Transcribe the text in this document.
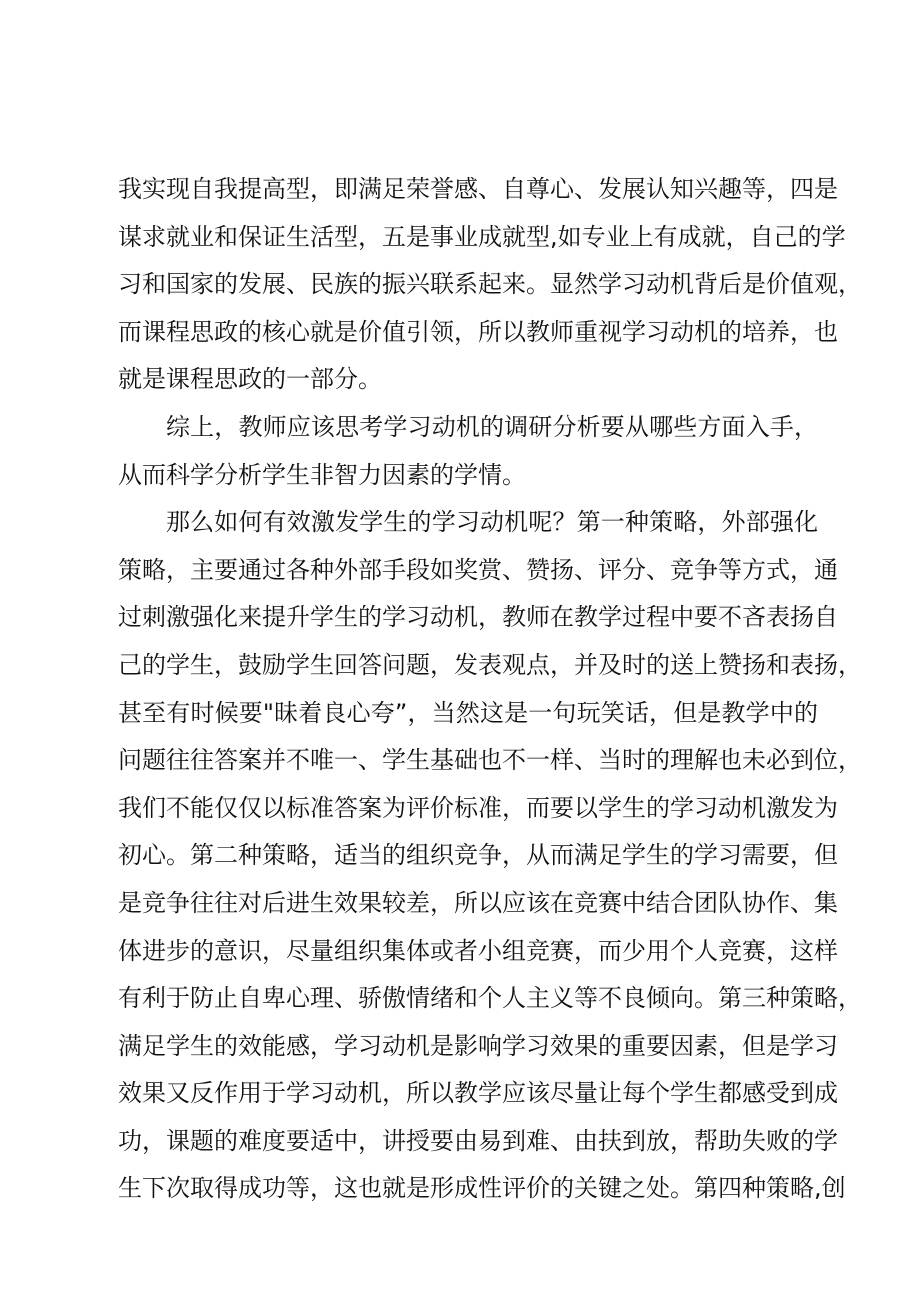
我实现自我提高型，即满足荣誉感、自尊心、发展认知兴趣等，四是
谋求就业和保证生活型，五是事业成就型,如专业上有成就，自己的学
习和国家的发展、民族的振兴联系起来。显然学习动机背后是价值观，
而课程思政的核心就是价值引领，所以教师重视学习动机的培养，也
就是课程思政的一部分。
综上，教师应该思考学习动机的调研分析要从哪些方面入手，
从而科学分析学生非智力因素的学情。
那么如何有效激发学生的学习动机呢？第一种策略，外部强化
策略，主要通过各种外部手段如奖赏、赞扬、评分、竞争等方式，通
过刺激强化来提升学生的学习动机，教师在教学过程中要不吝表扬自
己的学生，鼓励学生回答问题，发表观点，并及时的送上赞扬和表扬，
甚至有时候要"昧着良心夸”，当然这是一句玩笑话，但是教学中的
问题往往答案并不唯一、学生基础也不一样、当时的理解也未必到位，
我们不能仅仅以标准答案为评价标准，而要以学生的学习动机激发为
初心。第二种策略，适当的组织竞争，从而满足学生的学习需要，但
是竞争往往对后进生效果较差，所以应该在竞赛中结合团队协作、集
体进步的意识，尽量组织集体或者小组竞赛，而少用个人竞赛，这样
有利于防止自卑心理、骄傲情绪和个人主义等不良倾向。第三种策略，
满足学生的效能感，学习动机是影响学习效果的重要因素，但是学习
效果又反作用于学习动机，所以教学应该尽量让每个学生都感受到成
功，课题的难度要适中，讲授要由易到难、由扶到放，帮助失败的学
生下次取得成功等，这也就是形成性评价的关键之处。第四种策略,创
